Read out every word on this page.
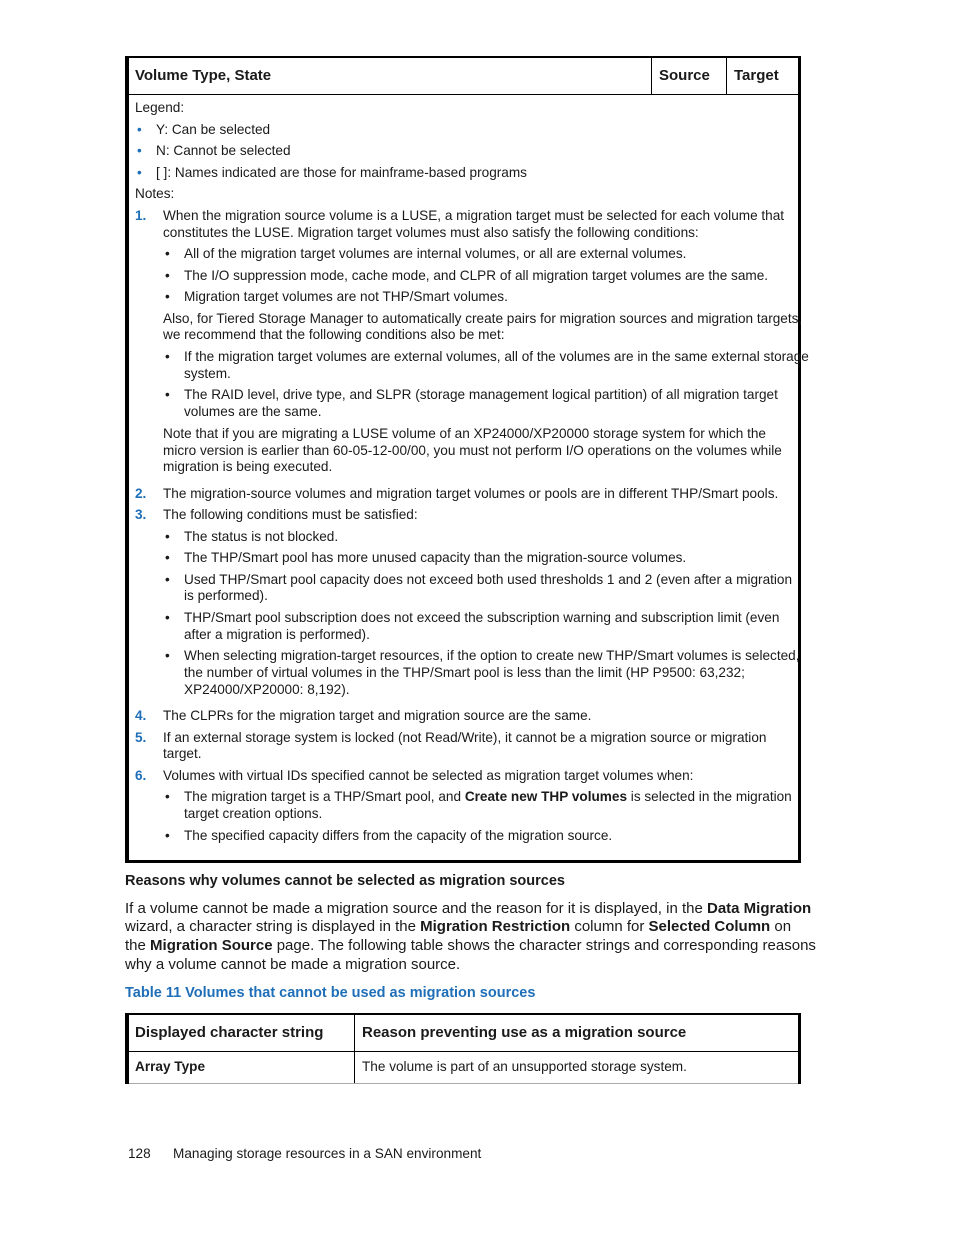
Volume Type, State	Source Target
Legend:
• Y: Can be selected
• N: Cannot be selected
• [ ]: Names indicated are those for mainframe-based programs
Notes:
1. When the migration source volume is a LUSE, a migration target must be selected for each volume that
constitutes the LUSE. Migration target volumes must also satisfy the following conditions:
• All of the migration target volumes are internal volumes, or all are external volumes.
• The I/O suppression mode, cache mode, and CLPR of all migration target volumes are the same.
• Migration target volumes are not THP/Smart volumes.
Also, for Tiered Storage Manager to automatically create pairs for migration sources and migration targets,
we recommend that the following conditions also be met:
• If the migration target volumes are external volumes, all of the volumes are in the same external storage
system.
• The RAID level, drive type, and SLPR (storage management logical partition) of all migration target
volumes are the same.
Note that if you are migrating a LUSE volume of an XP24000/XP20000 storage system for which the
micro version is earlier than 60-05-12-00/00, you must not perform I/O operations on the volumes while
migration is being executed.
2. The migration-source volumes and migration target volumes or pools are in different THP/Smart pools.
3. The following conditions must be satisfied:
• The status is not blocked.
• The THP/Smart pool has more unused capacity than the migration-source volumes.
• Used THP/Smart pool capacity does not exceed both used thresholds 1 and 2 (even after a migration
is performed).
• THP/Smart pool subscription does not exceed the subscription warning and subscription limit (even
after a migration is performed).
• When selecting migration-target resources, if the option to create new THP/Smart volumes is selected,
the number of virtual volumes in the THP/Smart pool is less than the limit (HP P9500: 63,232;
XP24000/XP20000: 8,192).
4. The CLPRs for the migration target and migration source are the same.
5. If an external storage system is locked (not Read/Write), it cannot be a migration source or migration
target.
6. Volumes with virtual IDs specified cannot be selected as migration target volumes when:
• The migration target is a THP/Smart pool, and Create new THP volumes is selected in the migration
target creation options.
• The specified capacity differs from the capacity of the migration source.
Reasons why volumes cannot be selected as migration sources
If a volume cannot be made a migration source and the reason for it is displayed, in the Data Migration
wizard, a character string is displayed in the Migration Restriction column for Selected Column on
the Migration Source page. The following table shows the character strings and corresponding reasons
why a volume cannot be made a migration source.
Table 11 Volumes that cannot be used as migration sources
Displayed character string	Reason preventing use as a migration source
Array Type	The volume is part of an unsupported storage system.
128 Managing storage resources in a SAN environment
